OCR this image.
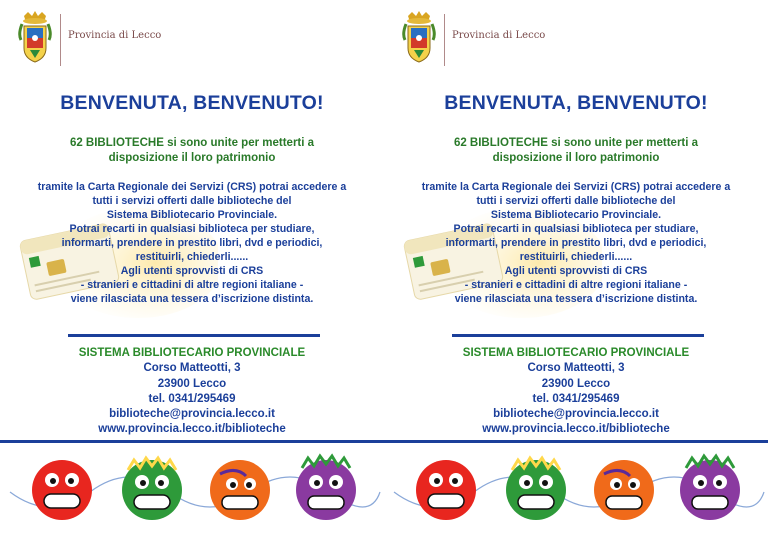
Provincia di Lecco
BENVENUTA, BENVENUTO!
62 BIBLIOTECHE si sono unite per metterti a
disposizione il loro patrimonio
tramite la Carta Regionale dei Servizi (CRS) potrai accedere a
tutti i servizi offerti dalle biblioteche del
Sistema Bibliotecario Provinciale.
Potrai recarti in qualsiasi biblioteca per studiare,
informarti, prendere in prestito libri, dvd e periodici,
restituirli, chiederli......
Agli utenti sprovvisti di CRS
- stranieri e cittadini di altre regioni italiane -
viene rilasciata una tessera d’iscrizione distinta.
SISTEMA BIBLIOTECARIO PROVINCIALE
Corso Matteotti, 3
23900 Lecco
tel. 0341/295469
biblioteche@provincia.lecco.it
www.provincia.lecco.it/biblioteche
Provincia di Lecco
BENVENUTA, BENVENUTO!
62 BIBLIOTECHE si sono unite per metterti a
disposizione il loro patrimonio
tramite la Carta Regionale dei Servizi (CRS) potrai accedere a
tutti i servizi offerti dalle biblioteche del
Sistema Bibliotecario Provinciale.
Potrai recarti in qualsiasi biblioteca per studiare,
informarti, prendere in prestito libri, dvd e periodici,
restituirli, chiederli......
Agli utenti sprovvisti di CRS
- stranieri e cittadini di altre regioni italiane -
viene rilasciata una tessera d’iscrizione distinta.
SISTEMA BIBLIOTECARIO PROVINCIALE
Corso Matteotti, 3
23900 Lecco
tel. 0341/295469
biblioteche@provincia.lecco.it
www.provincia.lecco.it/biblioteche
